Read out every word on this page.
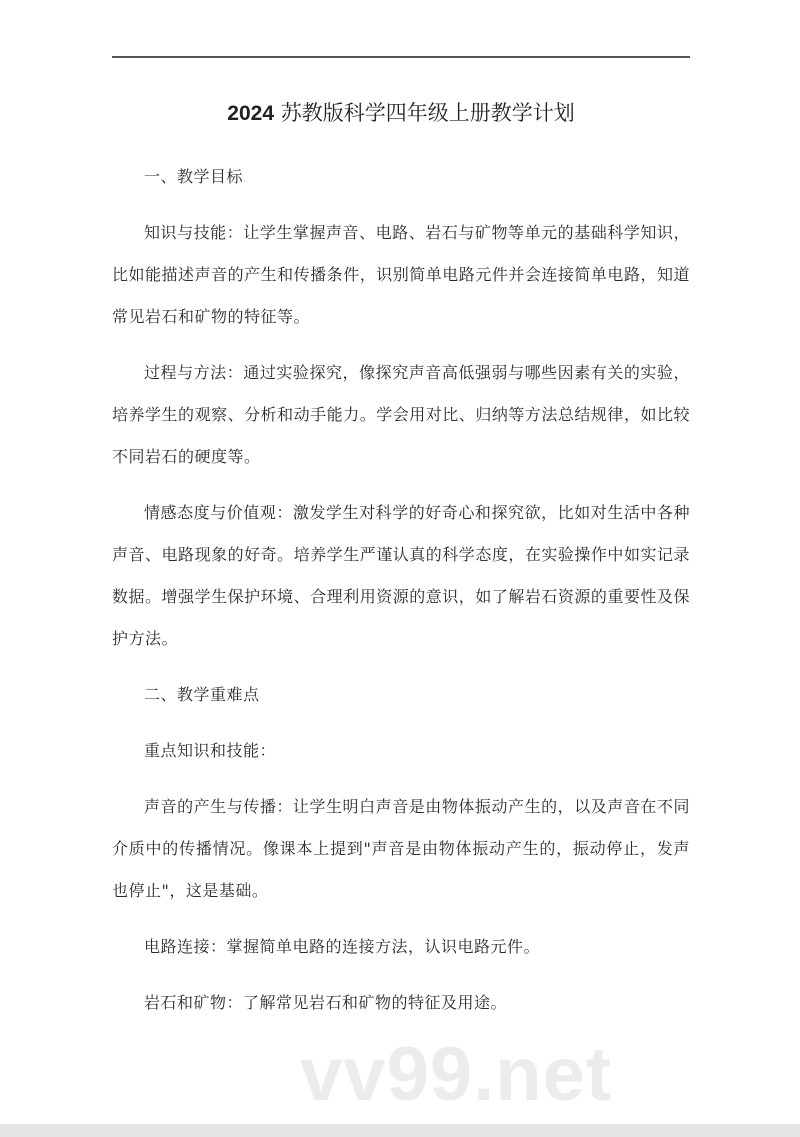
2024 苏教版科学四年级上册教学计划
一、教学目标
知识与技能：让学生掌握声音、电路、岩石与矿物等单元的基础科学知识，
比如能描述声音的产生和传播条件，识别简单电路元件并会连接简单电路，知道
常见岩石和矿物的特征等。
过程与方法：通过实验探究，像探究声音高低强弱与哪些因素有关的实验，
培养学生的观察、分析和动手能力。学会用对比、归纳等方法总结规律，如比较
不同岩石的硬度等。
情感态度与价值观：激发学生对科学的好奇心和探究欲，比如对生活中各种
声音、电路现象的好奇。培养学生严谨认真的科学态度，在实验操作中如实记录
数据。增强学生保护环境、合理利用资源的意识，如了解岩石资源的重要性及保
护方法。
二、教学重难点
重点知识和技能：
声音的产生与传播：让学生明白声音是由物体振动产生的，以及声音在不同
介质中的传播情况。像课本上提到"声音是由物体振动产生的，振动停止，发声
也停止"，这是基础。
电路连接：掌握简单电路的连接方法，认识电路元件。
岩石和矿物：了解常见岩石和矿物的特征及用途。
vv99.net
